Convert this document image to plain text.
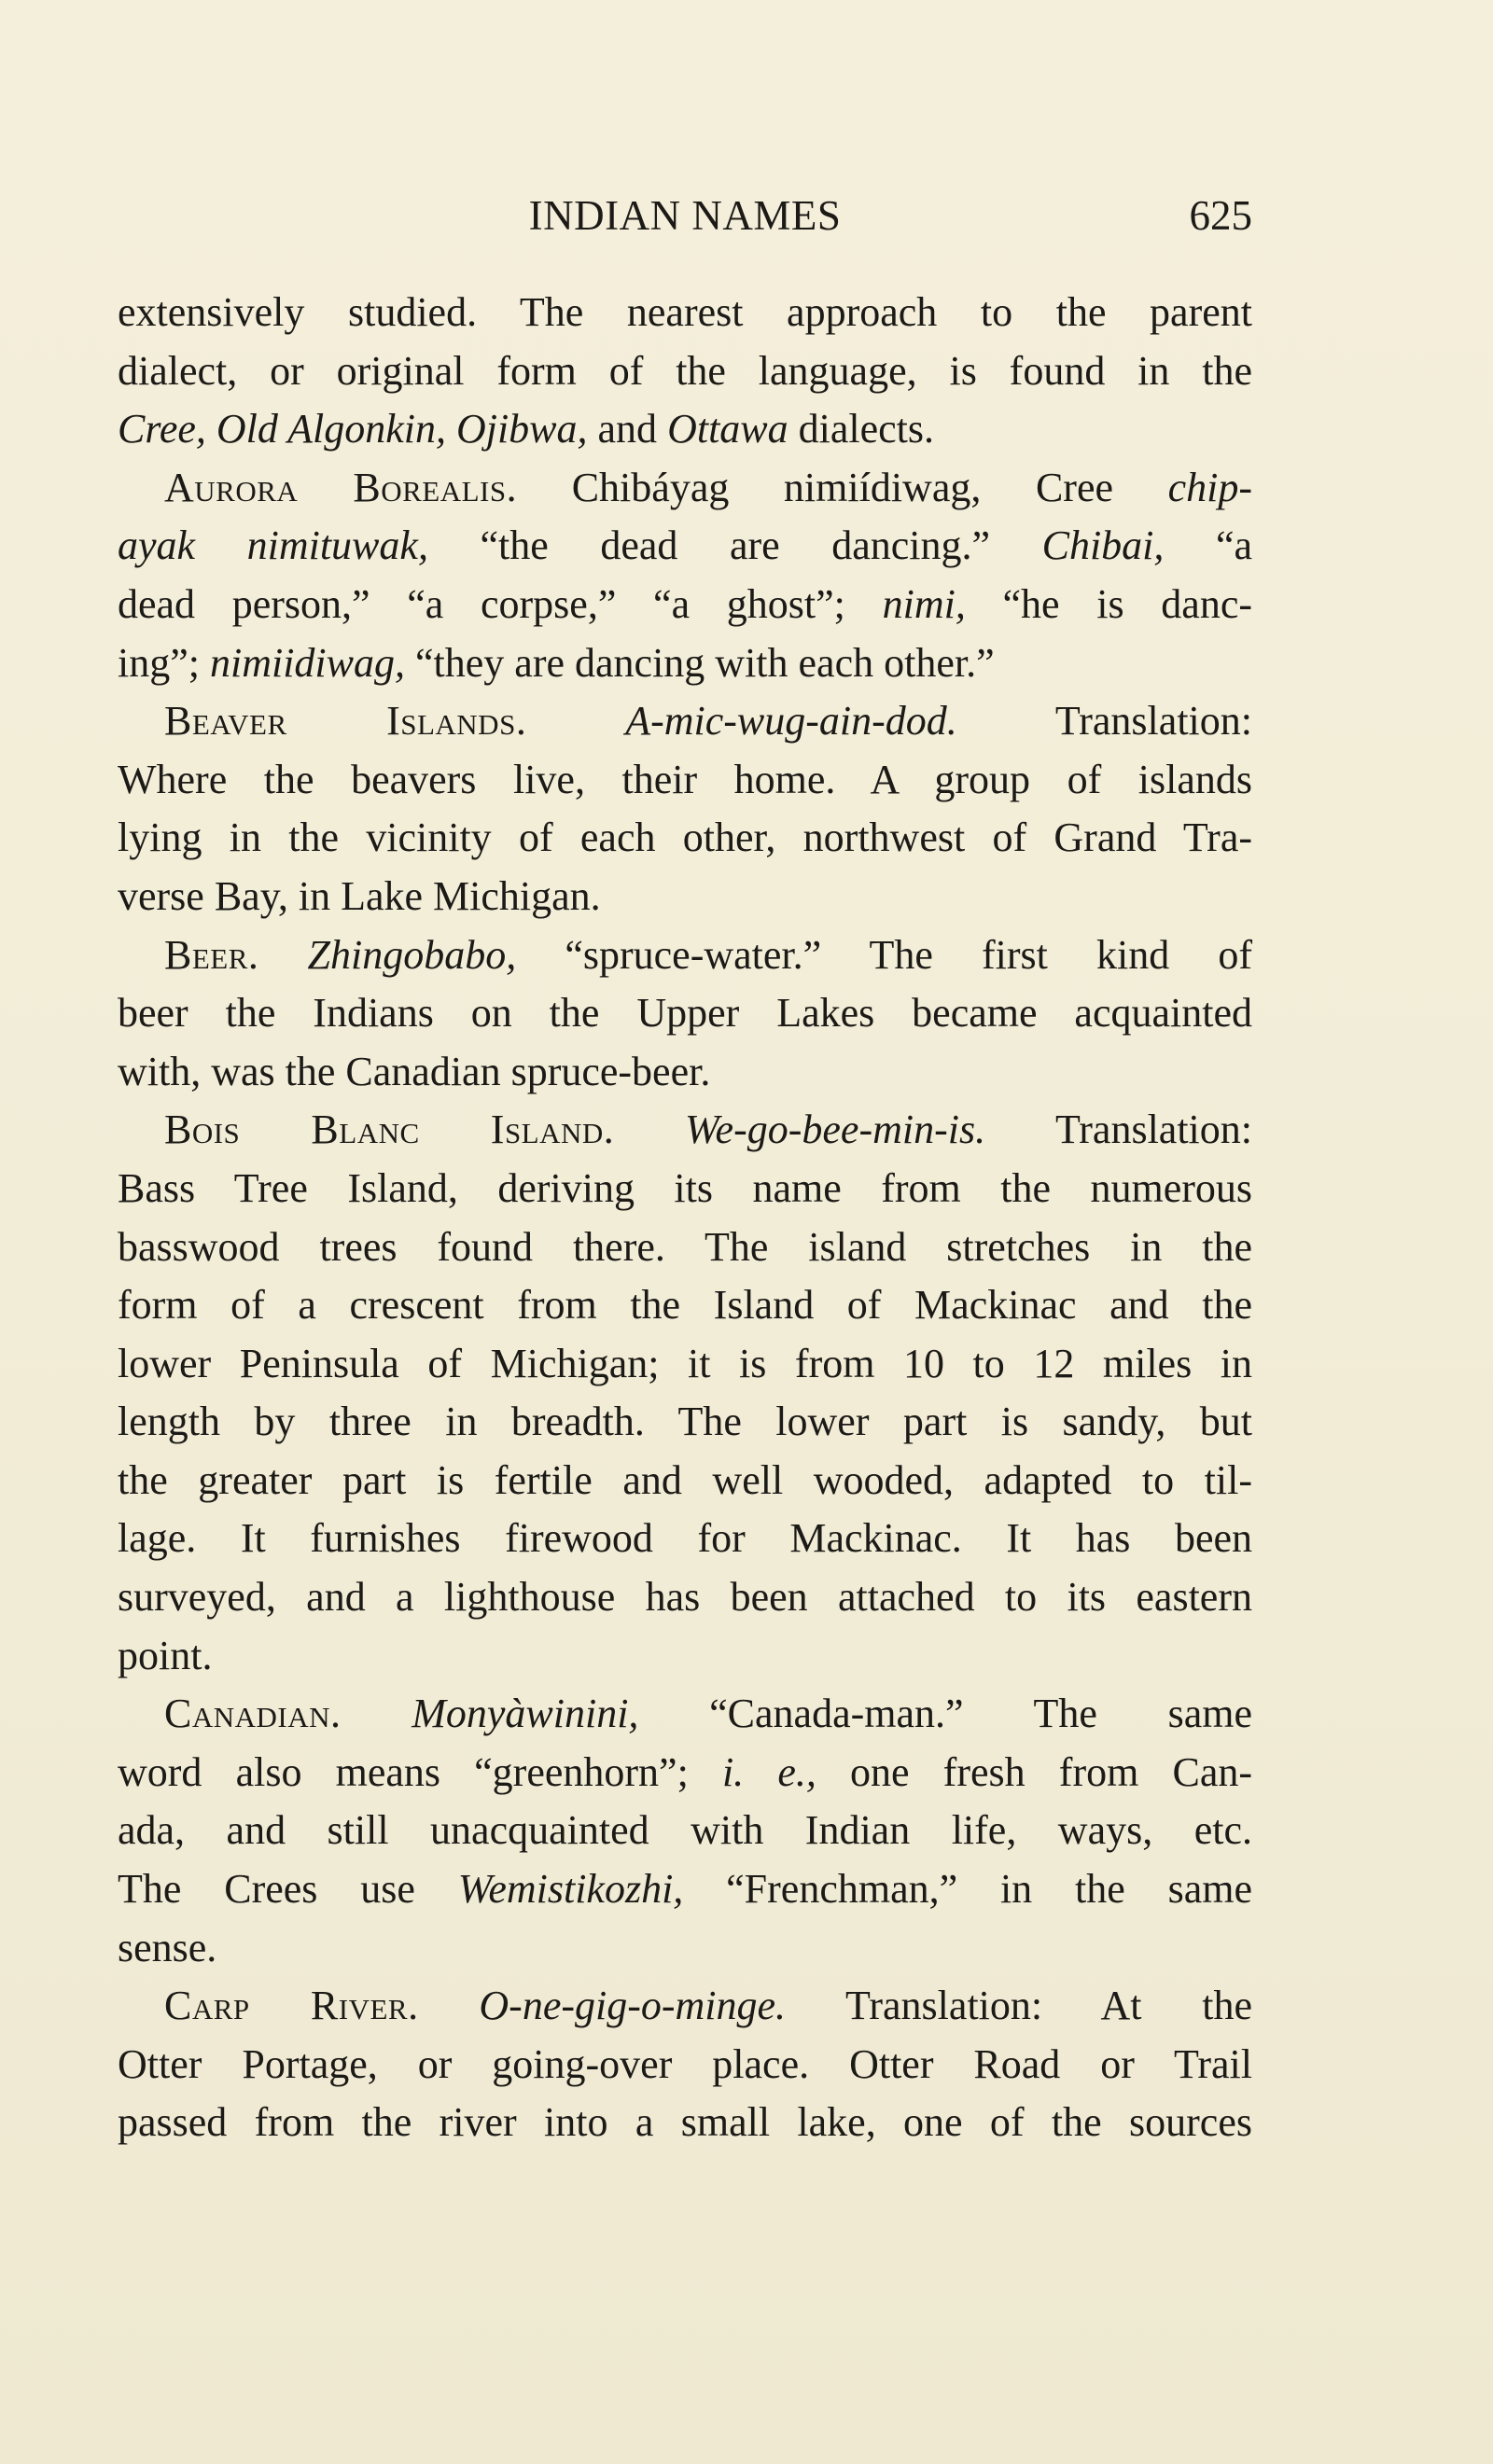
INDIAN NAMES	625
extensively studied. The nearest approach to the parent
dialect, or original form of the language, is found in the
Cree, Old Algonkin, Ojibwa, and Ottawa dialects.
Aurora Borealis. Chibáyag nimiídiwag, Cree chip-
ayak nimituwak, “the dead are dancing.” Chibai, “a
dead person,” “a corpse,” “a ghost”; nimi, “he is danc-
ing”; nimiidiwag, “they are dancing with each other.”
Beaver Islands. A-mic-wug-ain-dod. Translation:
Where the beavers live, their home. A group of islands
lying in the vicinity of each other, northwest of Grand Tra-
verse Bay, in Lake Michigan.
Beer. Zhingobabo, “spruce-water.” The first kind of
beer the Indians on the Upper Lakes became acquainted
with, was the Canadian spruce-beer.
Bois Blanc Island. We-go-bee-min-is. Translation:
Bass Tree Island, deriving its name from the numerous
basswood trees found there. The island stretches in the
form of a crescent from the Island of Mackinac and the
lower Peninsula of Michigan; it is from 10 to 12 miles in
length by three in breadth. The lower part is sandy, but
the greater part is fertile and well wooded, adapted to til-
lage. It furnishes firewood for Mackinac. It has been
surveyed, and a lighthouse has been attached to its eastern
point.
Canadian. Monyàwinini, “Canada-man.” The same
word also means “greenhorn”; i. e., one fresh from Can-
ada, and still unacquainted with Indian life, ways, etc.
The Crees use Wemistikozhi, “Frenchman,” in the same
sense.
Carp River. O-ne-gig-o-minge. Translation: At the
Otter Portage, or going-over place. Otter Road or Trail
passed from the river into a small lake, one of the sources
